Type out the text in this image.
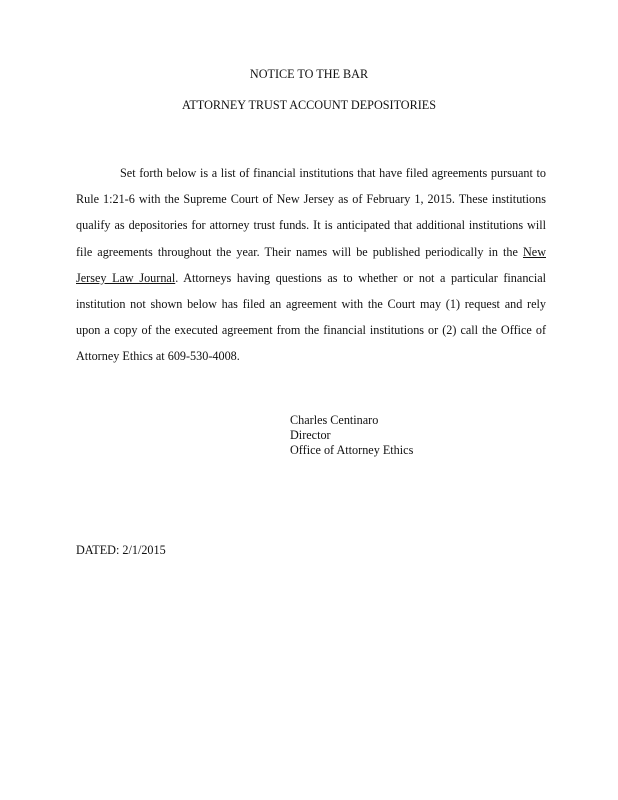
NOTICE TO THE BAR
ATTORNEY TRUST ACCOUNT DEPOSITORIES

Set forth below is a list of financial institutions that have filed agreements pursuant to Rule 1:21-6 with the Supreme Court of New Jersey as of February 1, 2015. These institutions qualify as depositories for attorney trust funds. It is anticipated that additional institutions will file agreements throughout the year. Their names will be published periodically in the New Jersey Law Journal. Attorneys having questions as to whether or not a particular financial institution not shown below has filed an agreement with the Court may (1) request and rely upon a copy of the executed agreement from the financial institutions or (2) call the Office of Attorney Ethics at 609-530-4008.

Charles Centinaro
Director
Office of Attorney Ethics
DATED: 2/1/2015
